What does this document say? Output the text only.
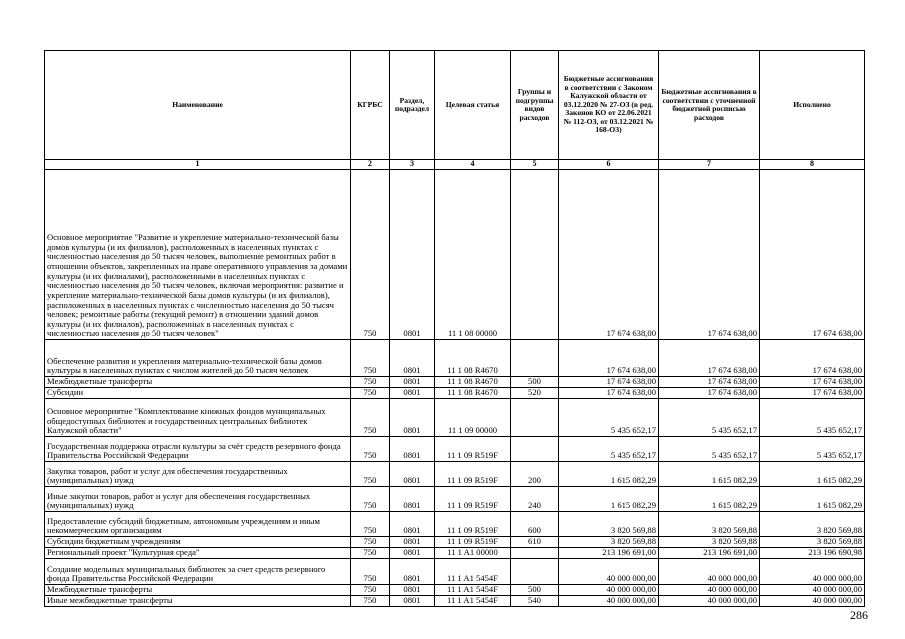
Наименование	КГРБС	Раздел, подраздел	Целевая статья	Группы и подгруппы видов расходов	Бюджетные ассигнования в соответствии с Законом Калужской области от 03.12.2020 № 27-ОЗ (в ред. Законов КО от 22.06.2021 № 112-ОЗ, от 03.12.2021 № 168-ОЗ)	Бюджетные ассигнования в соответствии с уточненной бюджетной росписью расходов	Исполнено
1	2	3	4	5	6	7	8
Основное мероприятие "Развитие и укрепление материально-технической базы домов культуры (и их филиалов), расположенных в населенных пунктах с численностью населения до 50 тысяч человек, выполнение ремонтных работ в отношении объектов, закрепленных на праве оперативного управления за домами культуры (и их филиалами), расположенными в населенных пунктах с численностью населения до 50 тысяч человек, включая мероприятия: развитие и укрепление материально-технической базы домов культуры (и их филиалов), расположенных в населенных пунктах с численностью населения до 50 тысяч человек; ремонтные работы (текущий ремонт) в отношении зданий домов культуры (и их филиалов), расположенных в населенных пунктах с численностью населения до 50 тысяч человек"	750	0801	11 1 08 00000		17 674 638,00	17 674 638,00	17 674 638,00
Обеспечение развития и укрепления материально-технической базы домов культуры в населенных пунктах с числом жителей до 50 тысяч человек	750	0801	11 1 08 R4670		17 674 638,00	17 674 638,00	17 674 638,00
Межбюджетные трансферты	750	0801	11 1 08 R4670	500	17 674 638,00	17 674 638,00	17 674 638,00
Субсидии	750	0801	11 1 08 R4670	520	17 674 638,00	17 674 638,00	17 674 638,00
Основное мероприятие "Комплектование книжных фондов муниципальных общедоступных библиотек и государственных центральных библиотек Калужской области"	750	0801	11 1 09 00000		5 435 652,17	5 435 652,17	5 435 652,17
Государственная поддержка отрасли культуры за счёт средств резервного фонда Правительства Российской Федерации	750	0801	11 1 09 R519F		5 435 652,17	5 435 652,17	5 435 652,17
Закупка товаров, работ и услуг для обеспечения государственных (муниципальных) нужд	750	0801	11 1 09 R519F	200	1 615 082,29	1 615 082,29	1 615 082,29
Иные закупки товаров, работ и услуг для обеспечения государственных (муниципальных) нужд	750	0801	11 1 09 R519F	240	1 615 082,29	1 615 082,29	1 615 082,29
Предоставление субсидий бюджетным, автономным учреждениям и иным некоммерческим организациям	750	0801	11 1 09 R519F	600	3 820 569,88	3 820 569,88	3 820 569,88
Субсидии бюджетным учреждениям	750	0801	11 1 09 R519F	610	3 820 569,88	3 820 569,88	3 820 569,88
Региональный проект "Культурная среда"	750	0801	11 1 A1 00000		213 196 691,00	213 196 691,00	213 196 690,98
Создание модельных муниципальных библиотек за счет средств резервного фонда Правительства Российской Федерации	750	0801	11 1 A1 5454F		40 000 000,00	40 000 000,00	40 000 000,00
Межбюджетные трансферты	750	0801	11 1 A1 5454F	500	40 000 000,00	40 000 000,00	40 000 000,00
Иные межбюджетные трансферты	750	0801	11 1 A1 5454F	540	40 000 000,00	40 000 000,00	40 000 000,00
286
